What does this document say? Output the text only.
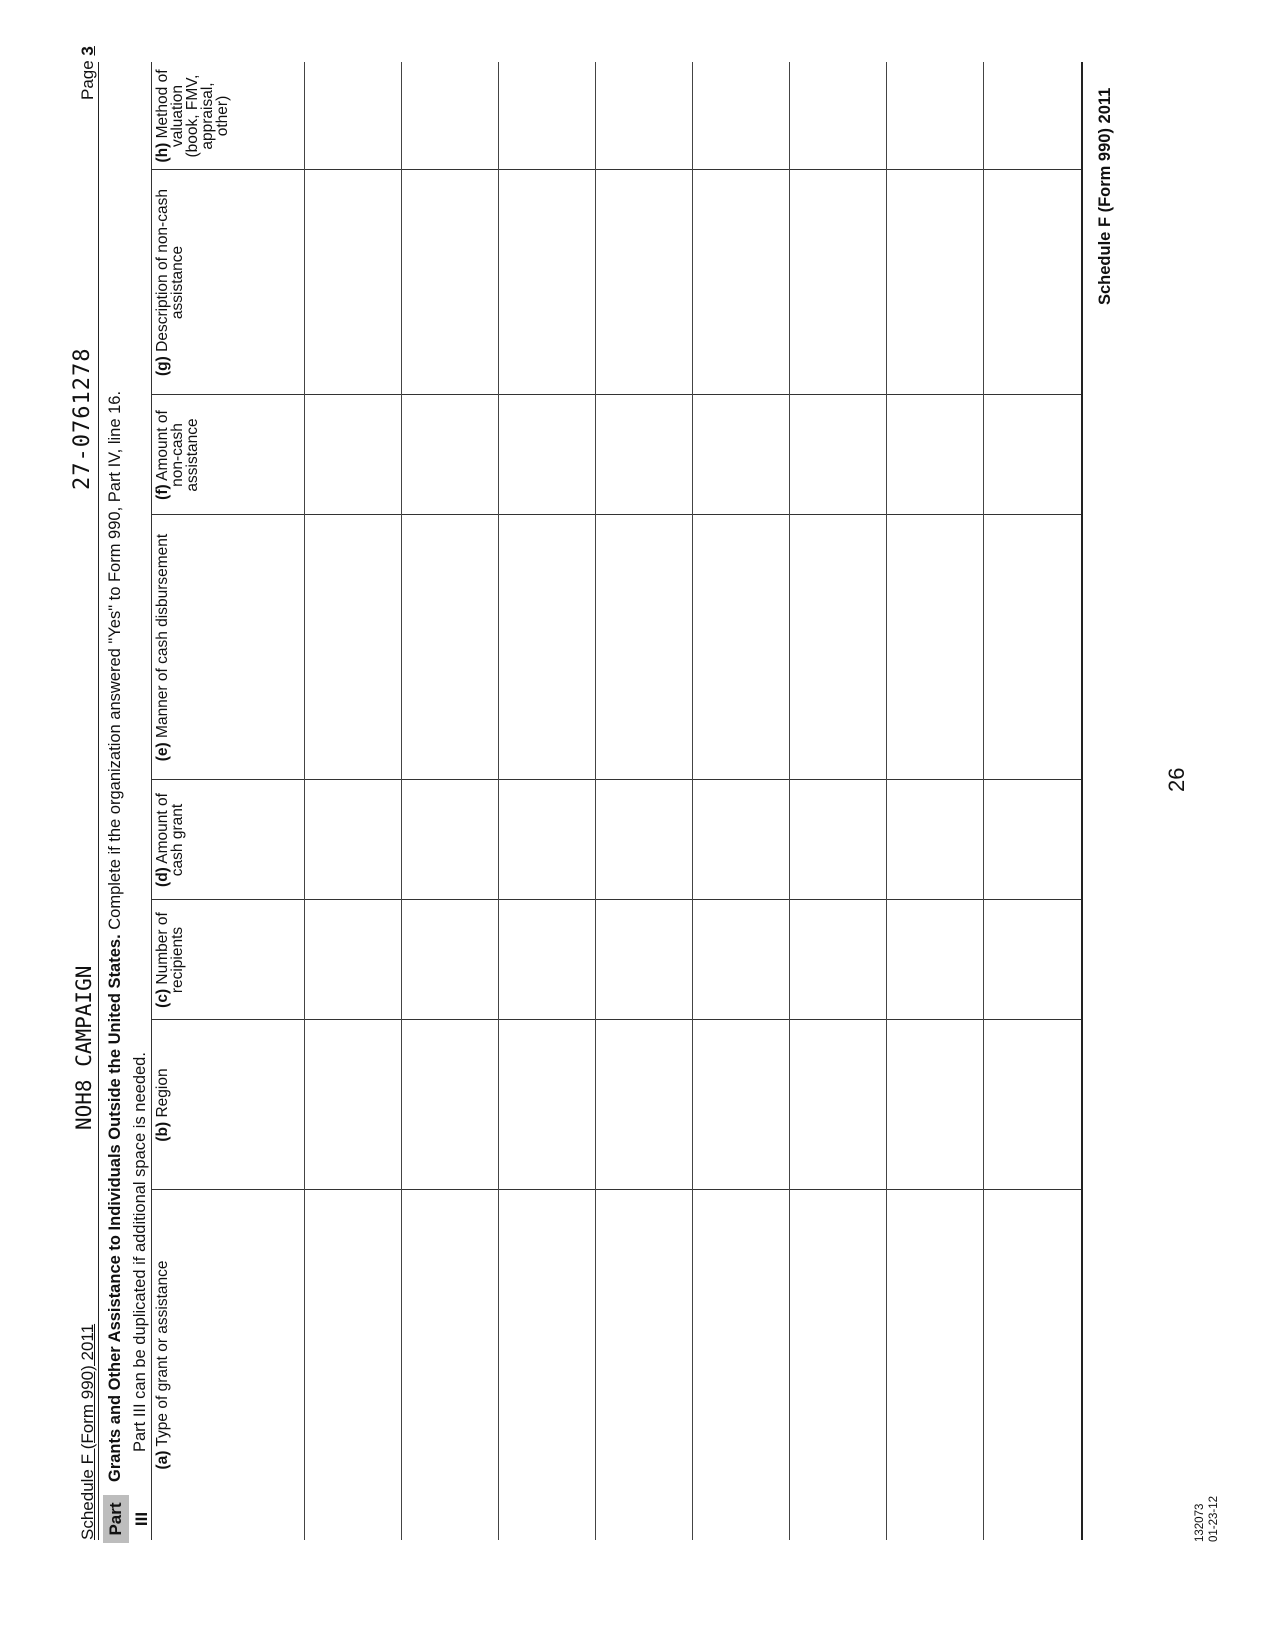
Schedule F (Form 990) 2011
NOH8 CAMPAIGN
27-0761278
Page 3
Part III
Grants and Other Assistance to Individuals Outside the United States. Complete if the organization answered "Yes" to Form 990, Part IV, line 16.
Part III can be duplicated if additional space is needed.
(a) Type of grant or assistance
(b) Region
(c) Number of recipients
(d) Amount of cash grant
(e) Manner of cash disbursement
(f) Amount of non-cash assistance
(g) Description of non-cash assistance
(h) Method of valuation (book, FMV, appraisal, other)	Schedule F (Form 990) 2011
132073 01-23-12
26
